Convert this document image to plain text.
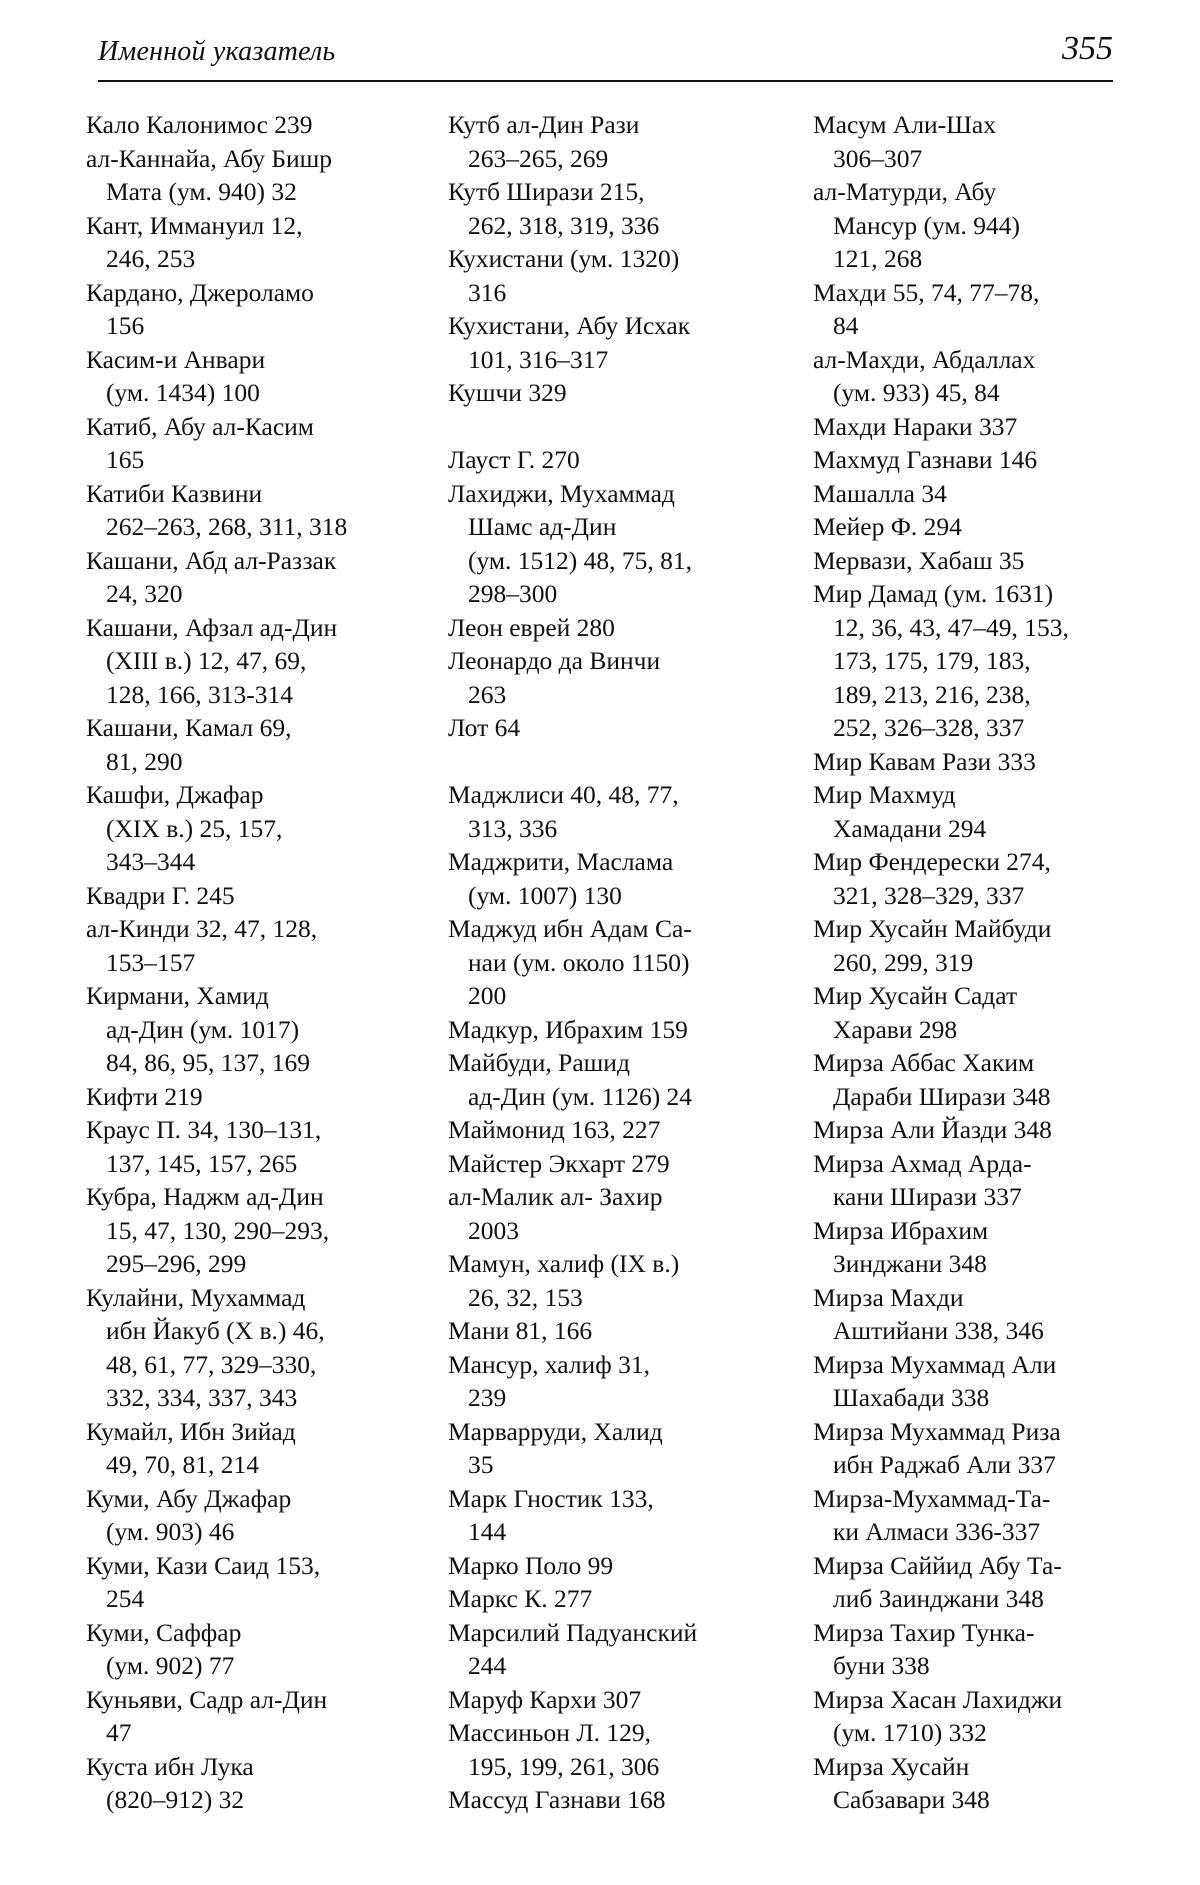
Именной указатель	355

Кало Калонимос 239

ал-Каннайа, Абу Бишр
Мата (ум. 940) 32

Кант, Иммануил 12,
246, 253

Кардано, Джероламо
156

Касим-и Анвари
(ум. 1434) 100

Катиб, Абу ал-Касим
165

Катиби Казвини
262–263, 268, 311, 318

Кашани, Абд ал-Раззак
24, 320

Кашани, Афзал ад-Дин
(XIII в.) 12, 47, 69,
128, 166, 313-314

Кашани, Камал 69,
81, 290

Кашфи, Джафар
(XIX в.) 25, 157,
343–344

Квадри Г. 245

ал-Кинди 32, 47, 128,
153–157

Кирмани, Хамид
ад-Дин (ум. 1017)
84, 86, 95, 137, 169

Кифти 219

Краус П. 34, 130–131,
137, 145, 157, 265

Кубра, Наджм ад-Дин
15, 47, 130, 290–293,
295–296, 299

Кулайни, Мухаммад
ибн Йакуб (X в.) 46,
48, 61, 77, 329–330,
332, 334, 337, 343

Кумайл, Ибн Зийад
49, 70, 81, 214

Куми, Абу Джафар
(ум. 903) 46

Куми, Кази Саид 153,
254

Куми, Саффар
(ум. 902) 77

Куньяви, Садр ал-Дин
47

Куста ибн Лука
(820–912) 32

Кутб ал-Дин Рази
263–265, 269

Кутб Ширази 215,
262, 318, 319, 336

Кухистани (ум. 1320)
316

Кухистани, Абу Исхак
101, 316–317

Кушчи 329

Лауст Г. 270

Лахиджи, Мухаммад
Шамс ад-Дин
(ум. 1512) 48, 75, 81,
298–300

Леон еврей 280

Леонардо да Винчи
263

Лот 64

Маджлиси 40, 48, 77,
313, 336

Маджрити, Маслама
(ум. 1007) 130

Маджуд ибн Адам Са-
наи (ум. около 1150)
200

Мадкур, Ибрахим 159

Майбуди, Рашид
ад-Дин (ум. 1126) 24

Маймонид 163, 227

Майстер Экхарт 279

ал-Малик ал- Захир
2003

Мамун, халиф (IX в.)
26, 32, 153

Мани 81, 166

Мансур, халиф 31,
239

Марварруди, Халид
35

Марк Гностик 133,
144

Марко Поло 99

Маркс К. 277

Марсилий Падуанский
244

Маруф Кархи 307

Массиньон Л. 129,
195, 199, 261, 306

Массуд Газнави 168

Масум Али-Шах
306–307

ал-Матурди, Абу
Мансур (ум. 944)
121, 268

Махди 55, 74, 77–78,
84

ал-Махди, Абдаллах
(ум. 933) 45, 84

Махди Нараки 337

Махмуд Газнави 146

Машалла 34

Мейер Ф. 294

Мервази, Хабаш 35

Мир Дамад (ум. 1631)
12, 36, 43, 47–49, 153,
173, 175, 179, 183,
189, 213, 216, 238,
252, 326–328, 337

Мир Кавам Рази 333

Мир Махмуд
Хамадани 294

Мир Фендерески 274,
321, 328–329, 337

Мир Хусайн Майбуди
260, 299, 319

Мир Хусайн Садат
Харави 298

Мирза Аббас Хаким
Дараби Ширази 348

Мирза Али Йазди 348

Мирза Ахмад Арда-
кани Ширази 337

Мирза Ибрахим
Зинджани 348

Мирза Махди
Аштийани 338, 346

Мирза Мухаммад Али
Шахабади 338

Мирза Мухаммад Риза
ибн Раджаб Али 337

Мирза-Мухаммад-Та-
ки Алмаси 336-337

Мирза Саййид Абу Та-
либ Заинджани 348

Мирза Тахир Тунка-
буни 338

Мирза Хасан Лахиджи
(ум. 1710) 332

Мирза Хусайн
Сабзавари 348
